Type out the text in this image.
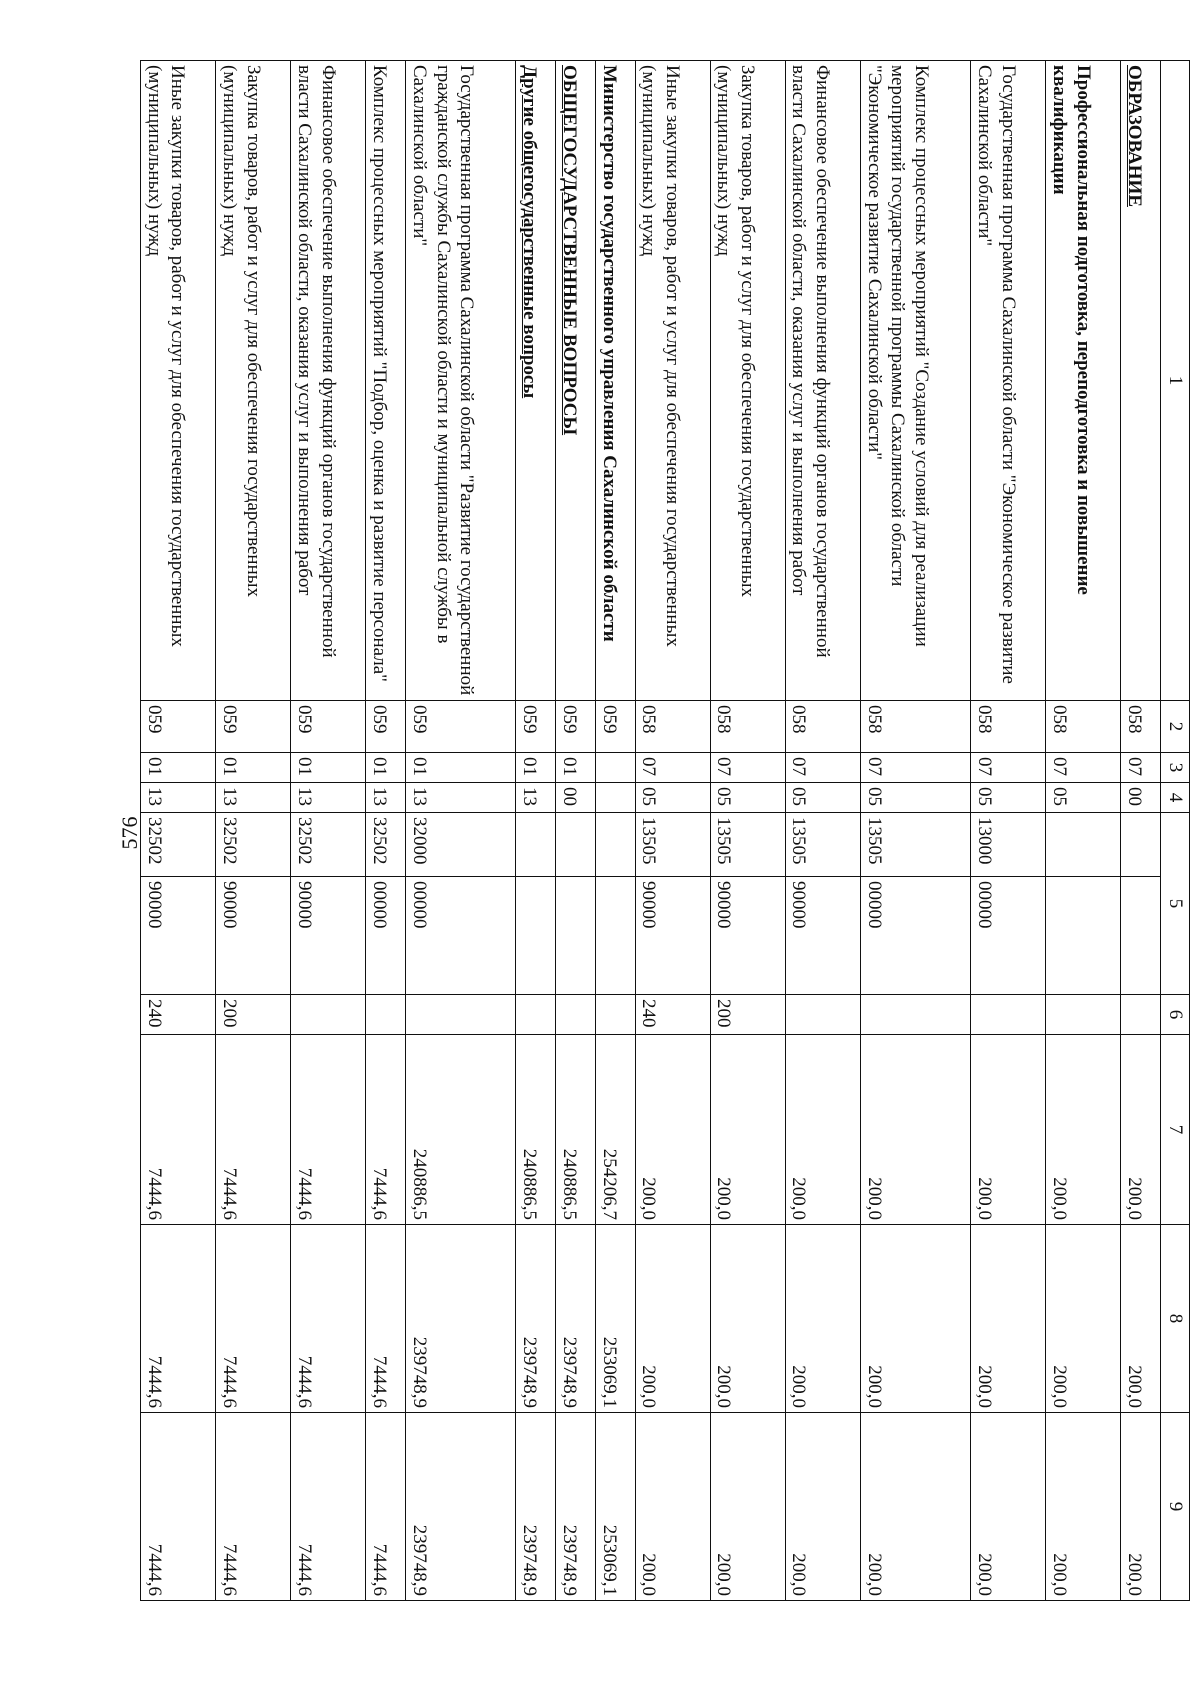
576
1	2	3	4	5		6	7	8	9
ОБРАЗОВАНИЕ	058	07	00				200,0	200,0	200,0
Профессиональная подготовка, переподготовка и повышение квалификации	058	07	05				200,0	200,0	200,0
Государственная программа Сахалинской области "Экономическое развитие Сахалинской области"	058	07	05	13000	00000		200,0	200,0	200,0
Комплекс процессных мероприятий "Создание условий для реализации мероприятий государственной программы Сахалинской области "Экономическое развитие Сахалинской области"	058	07	05	13505	00000		200,0	200,0	200,0
Финансовое обеспечение выполнения функций органов государственной власти Сахалинской области, оказания услуг и выполнения работ	058	07	05	13505	90000		200,0	200,0	200,0
Закупка товаров, работ и услуг для обеспечения государственных (муниципальных) нужд	058	07	05	13505	90000	200	200,0	200,0	200,0
Иные закупки товаров, работ и услуг для обеспечения государственных (муниципальных) нужд	058	07	05	13505	90000	240	200,0	200,0	200,0
Министерство государственного управления Сахалинской области	059						254206,7	253069,1	253069,1
ОБЩЕГОСУДАРСТВЕННЫЕ ВОПРОСЫ	059	01	00				240886,5	239748,9	239748,9
Другие общегосударственные вопросы	059	01	13				240886,5	239748,9	239748,9
Государственная программа Сахалинской области "Развитие государственной гражданской службы Сахалинской области и муниципальной службы в Сахалинской области"	059	01	13	32000	00000		240886,5	239748,9	239748,9
Комплекс процессных мероприятий "Подбор, оценка и развитие персонала"	059	01	13	32502	00000		7444,6	7444,6	7444,6
Финансовое обеспечение выполнения функций органов государственной власти Сахалинской области, оказания услуг и выполнения работ	059	01	13	32502	90000		7444,6	7444,6	7444,6
Закупка товаров, работ и услуг для обеспечения государственных (муниципальных) нужд	059	01	13	32502	90000	200	7444,6	7444,6	7444,6
Иные закупки товаров, работ и услуг для обеспечения государственных (муниципальных) нужд	059	01	13	32502	90000	240	7444,6	7444,6	7444,6
